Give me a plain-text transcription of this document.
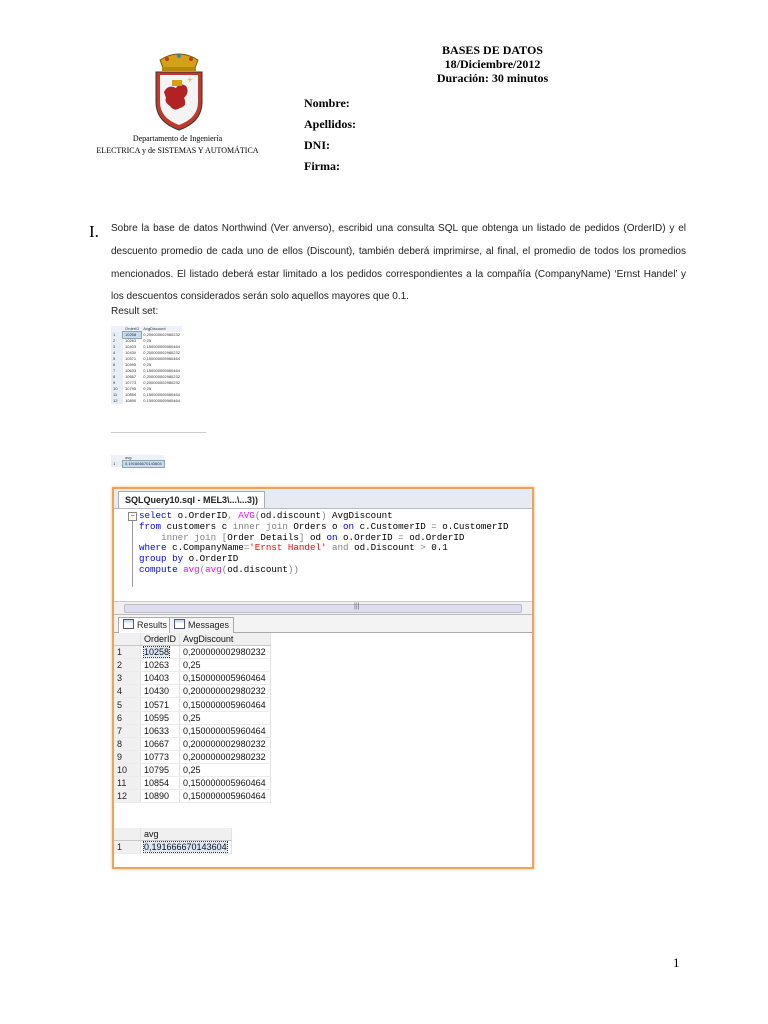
+
Departamento de Ingeniería
ELECTRICA y de SISTEMAS Y AUTOMÁTICA
BASES DE DATOS
18/Diciembre/2012
Duración: 30 minutos
Nombre:
Apellidos:
DNI:
Firma:
I. Sobre la base de datos Northwind (Ver anverso), escribid una consulta SQL que obtenga un listado de pedidos (OrderID) y el descuento promedio de cada uno de ellos (Discount), también deberá imprimirse, al final, el promedio de todos los promedios mencionados. El listado deberá estar limitado a los pedidos correspondientes a la compañía (CompanyName) ‘Ernst Handel’ y los descuentos considerados serán solo aquellos mayores que 0.1.

Result set:
	OrderID	AvgDiscount
1	10258	0,200000002980232
2	10263	0,25
3	10403	0,150000005960464
4	10430	0,200000002980232
5	10571	0,150000005960464
6	10595	0,25
7	10633	0,150000005960464
8	10667	0,200000002980232
9	10773	0,200000002980232
10	10795	0,25
11	10854	0,150000005960464
12	10890	0,150000005960464
	avg
1	0,191666670143604
SQLQuery10.sql - MEL3\...\...3))
− select o.OrderID, AVG(od.discount) AvgDiscount
from customers c inner join Orders o on c.CustomerID = o.CustomerID
inner join [Order Details] od on o.OrderID = od.OrderID
where c.CompanyName='Ernst Handel' and od.Discount > 0.1
group by o.OrderID
compute avg(avg(od.discount))
|||
Results	Messages
	OrderID	AvgDiscount
1	10258	0,200000002980232
2	10263	0,25
3	10403	0,150000005960464
4	10430	0,200000002980232
5	10571	0,150000005960464
6	10595	0,25
7	10633	0,150000005960464
8	10667	0,200000002980232
9	10773	0,200000002980232
10	10795	0,25
11	10854	0,150000005960464
12	10890	0,150000005960464
	avg
1	0,191666670143604
1
